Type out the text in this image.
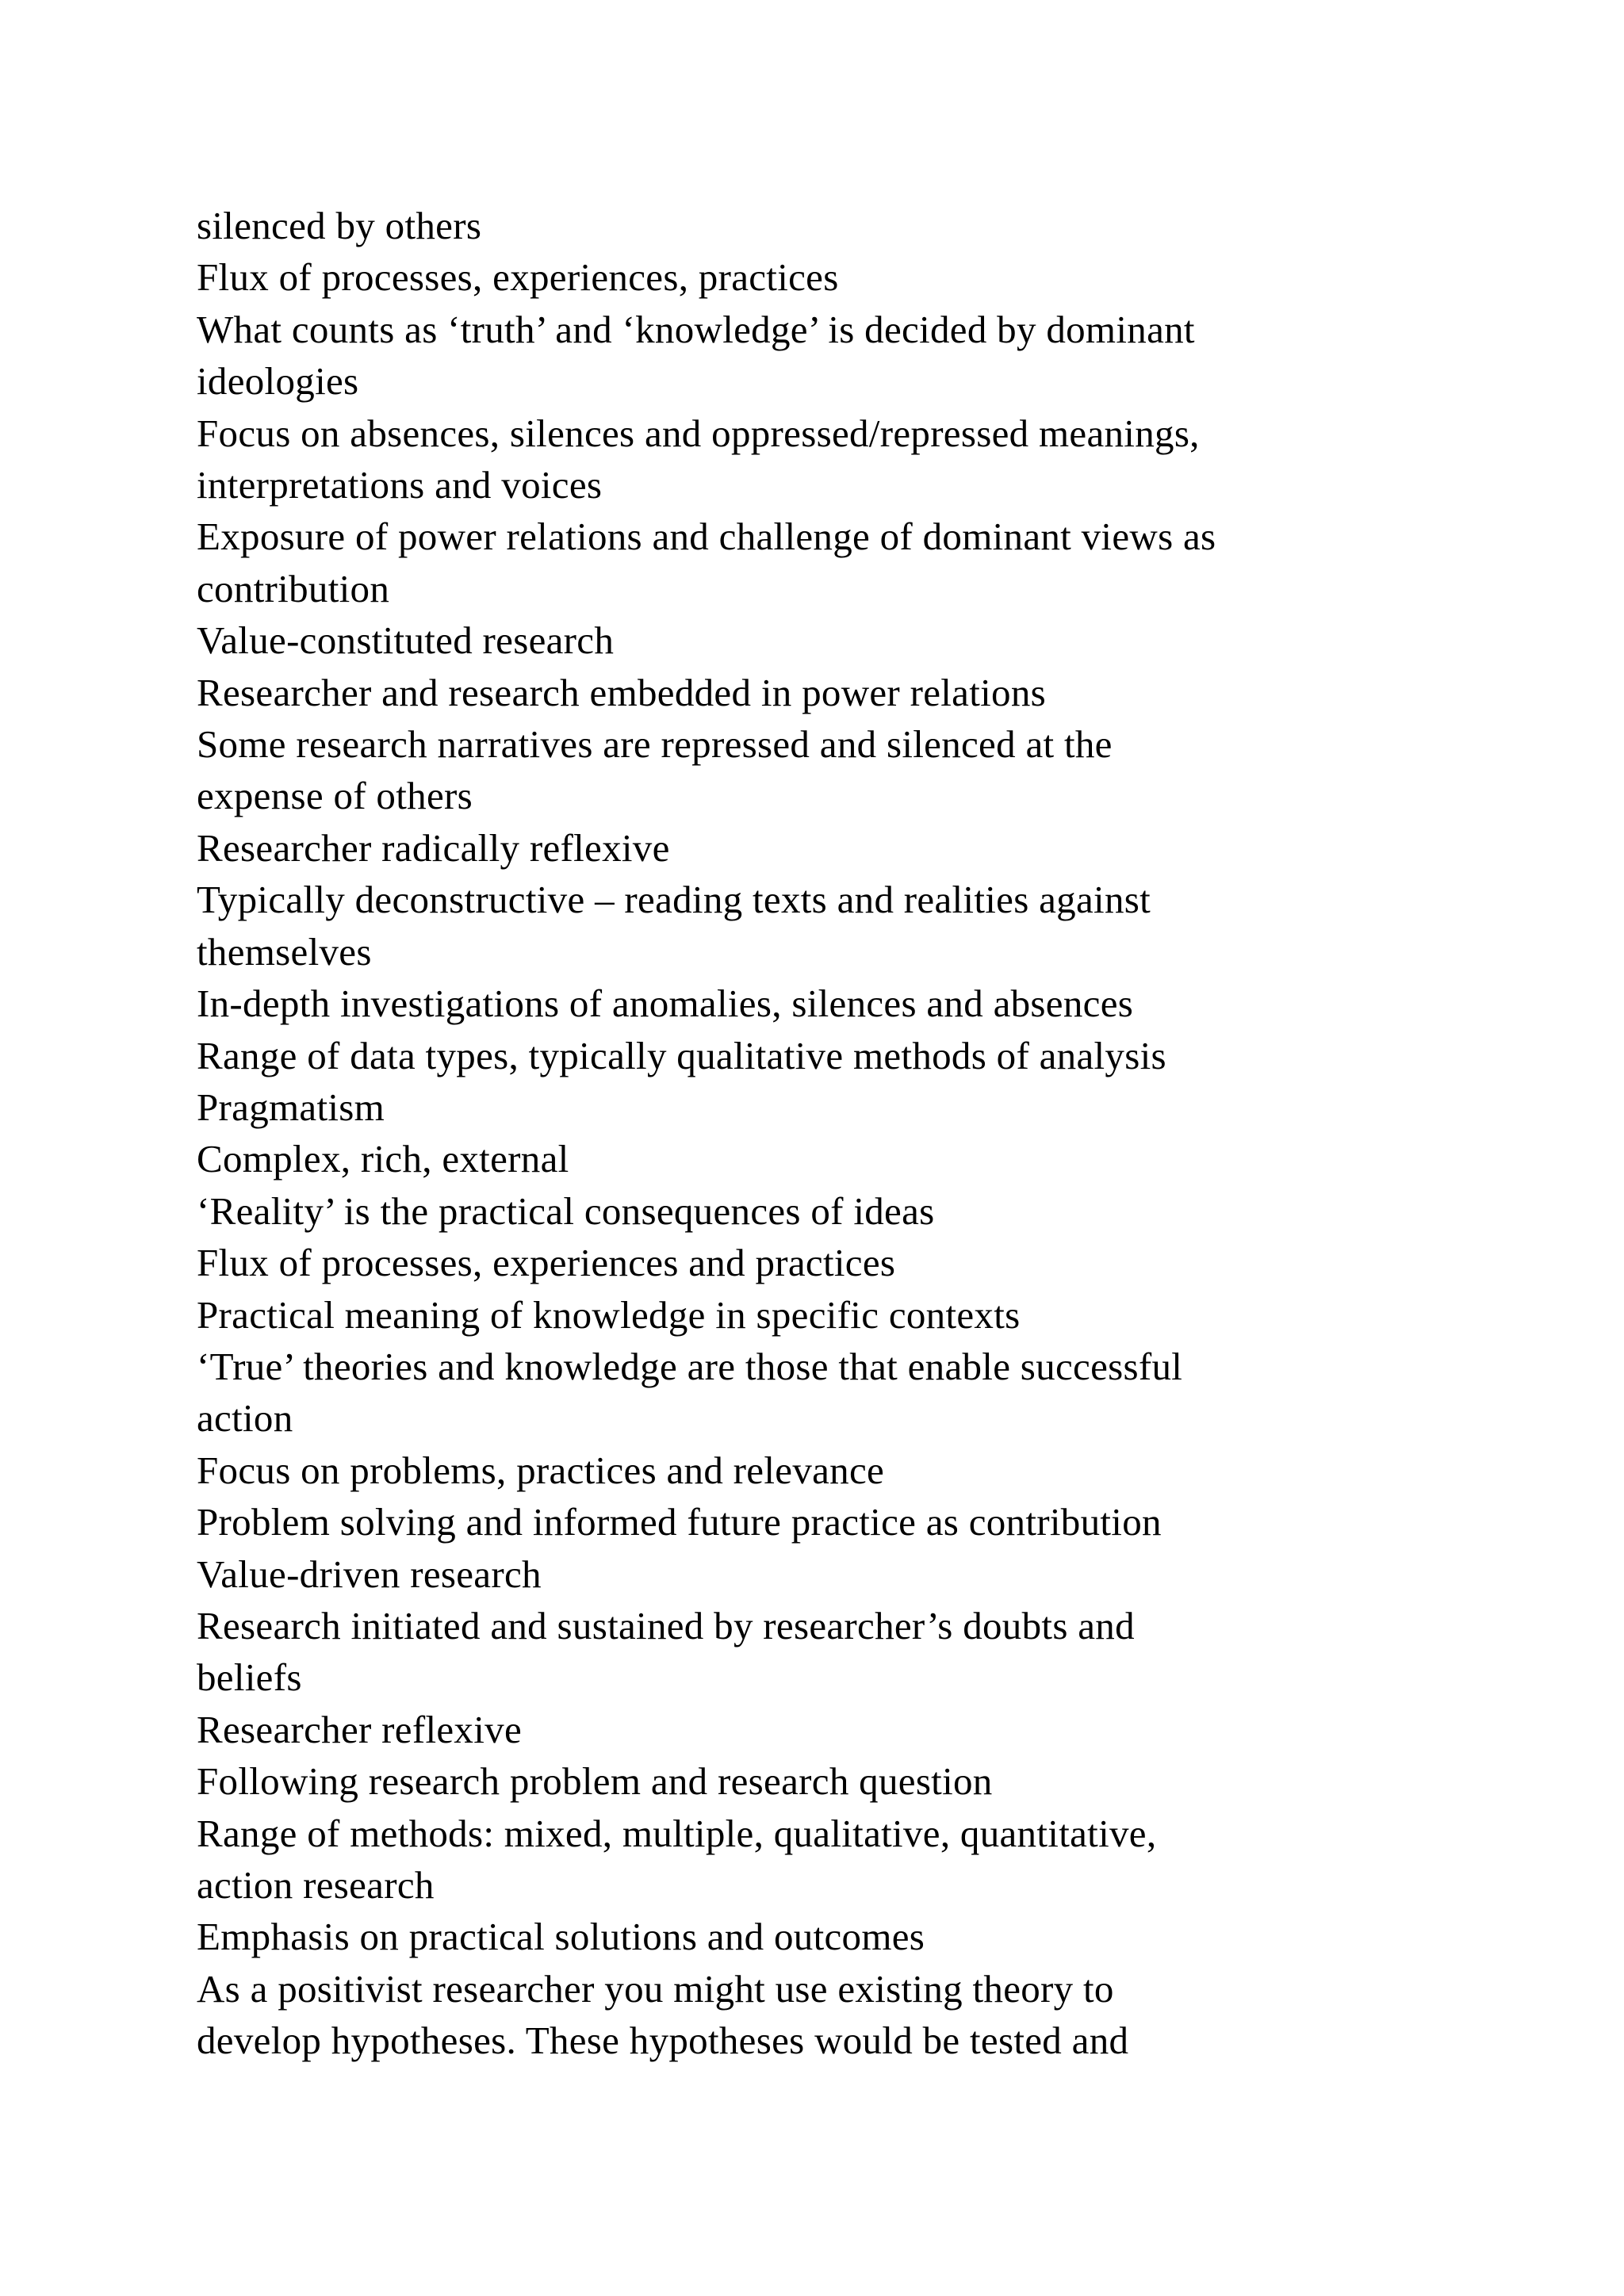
silenced by others
Flux of processes, experiences, practices
What counts as ‘truth’ and ‘knowledge’ is decided by dominant
ideologies
Focus on absences, silences and oppressed/repressed meanings,
interpretations and voices
Exposure of power relations and challenge of dominant views as
contribution
Value-constituted research
Researcher and research embedded in power relations
Some research narratives are repressed and silenced at the
expense of others
Researcher radically reflexive
Typically deconstructive – reading texts and realities against
themselves
In-depth investigations of anomalies, silences and absences
Range of data types, typically qualitative methods of analysis
Pragmatism
Complex, rich, external
‘Reality’ is the practical consequences of ideas
Flux of processes, experiences and practices
Practical meaning of knowledge in specific contexts
‘True’ theories and knowledge are those that enable successful
action
Focus on problems, practices and relevance
Problem solving and informed future practice as contribution
Value-driven research
Research initiated and sustained by researcher’s doubts and
beliefs
Researcher reflexive
Following research problem and research question
Range of methods: mixed, multiple, qualitative, quantitative,
action research
Emphasis on practical solutions and outcomes
As a positivist researcher you might use existing theory to
develop hypotheses. These hypotheses would be tested and
